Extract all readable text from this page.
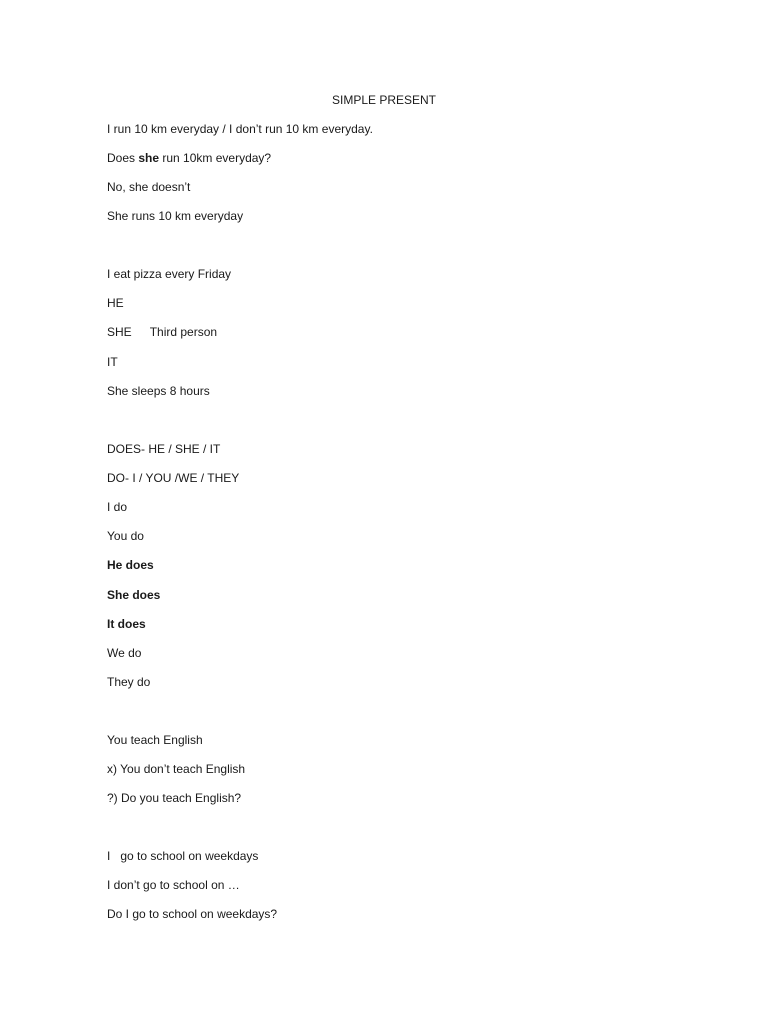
SIMPLE PRESENT
I run 10 km everyday / I don’t run 10 km everyday.
Does she run 10km everyday?
No, she doesn’t
She runs 10 km everyday
I eat pizza every Friday
HE
SHE Third person
IT
She sleeps 8 hours
DOES- HE / SHE / IT
DO- I / YOU /WE / THEY
I do
You do
He does
She does
It does
We do
They do
You teach English
x) You don’t teach English
?) Do you teach English?
I   go to school on weekdays
I don’t go to school on …
Do I go to school on weekdays?
